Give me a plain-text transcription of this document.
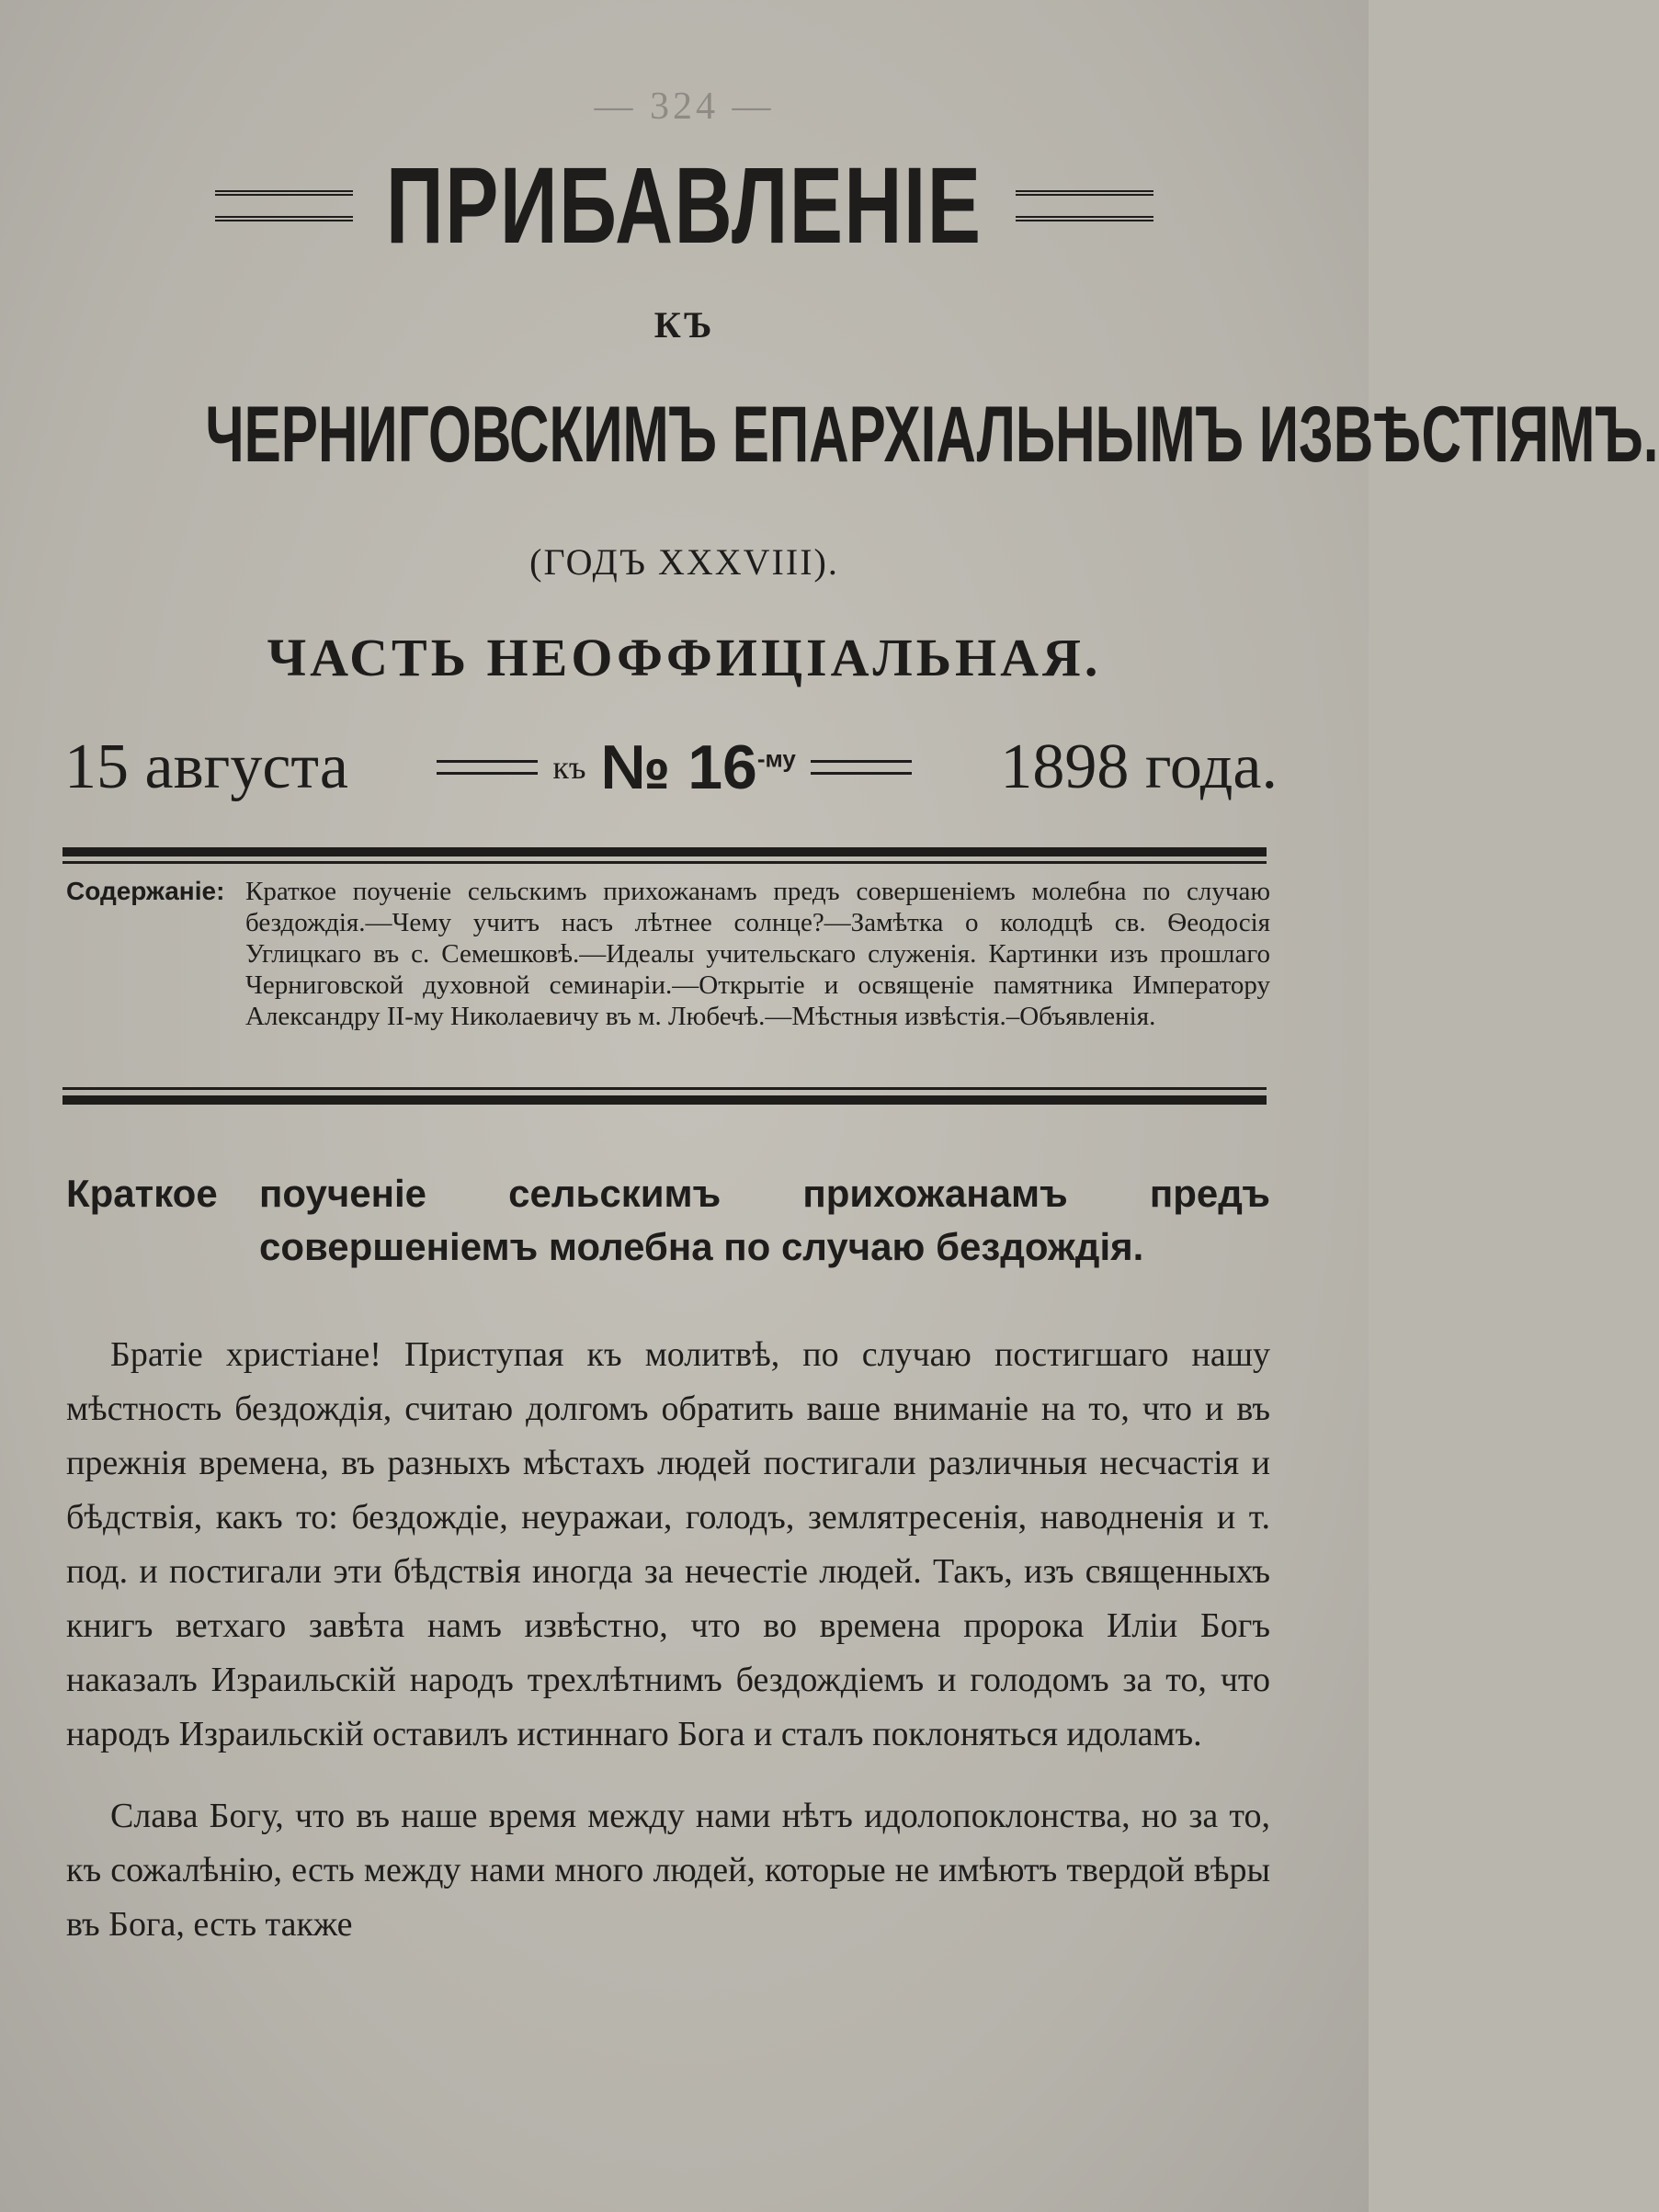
— 324 —
ПРИБАВЛЕНІЕ
КЪ
ЧЕРНИГОВСКИМЪ ЕПАРХІАЛЬНЫМЪ ИЗВѢСТІЯМЪ.
(ГОДЪ XXXVIII).
ЧАСТЬ НЕОФФИЦІАЛЬНАЯ.
15 августа	къ № $16^{-му}$	1898 года.
Содержаніе: Краткое поученіе сельскимъ прихожанамъ предъ совершеніемъ молебна по случаю бездождія.—Чему учитъ насъ лѣтнее солнце?—Замѣтка о колодцѣ св. Ѳеодосія Углицкаго въ с. Семешковѣ.—Идеалы учительскаго служенія. Картинки изъ прошлаго Черниговской духовной семинаріи.—Открытіе и освященіе памятника Императору Александру II-му Николаевичу въ м. Любечѣ.—Мѣстныя извѣстія.–Объявленія.
Краткое	поученіе сельскимъ прихожанамъ предъ совершеніемъ молебна по случаю бездождія.

Братіе христіане! Приступая къ молитвѣ, по случаю постигшаго нашу мѣстность бездождія, считаю долгомъ обратить ваше вниманіе на то, что и въ прежнія времена, въ разныхъ мѣстахъ людей постигали различныя несчастія и бѣдствія, какъ то: бездождіе, неуражаи, голодъ, землятресенія, наводненія и т. под. и постигали эти бѣдствія иногда за нечестіе людей. Такъ, изъ священныхъ книгъ ветхаго завѣта намъ извѣстно, что во времена пророка Иліи Богъ наказалъ Израильскій народъ трехлѣтнимъ бездождіемъ и голодомъ за то, что народъ Израильскій оставилъ истиннаго Бога и сталъ поклоняться идоламъ.

Слава Богу, что въ наше время между нами нѣтъ идолопоклонства, но за то, къ сожалѣнію, есть между нами много людей, которые не имѣютъ твердой вѣры въ Бога, есть также
